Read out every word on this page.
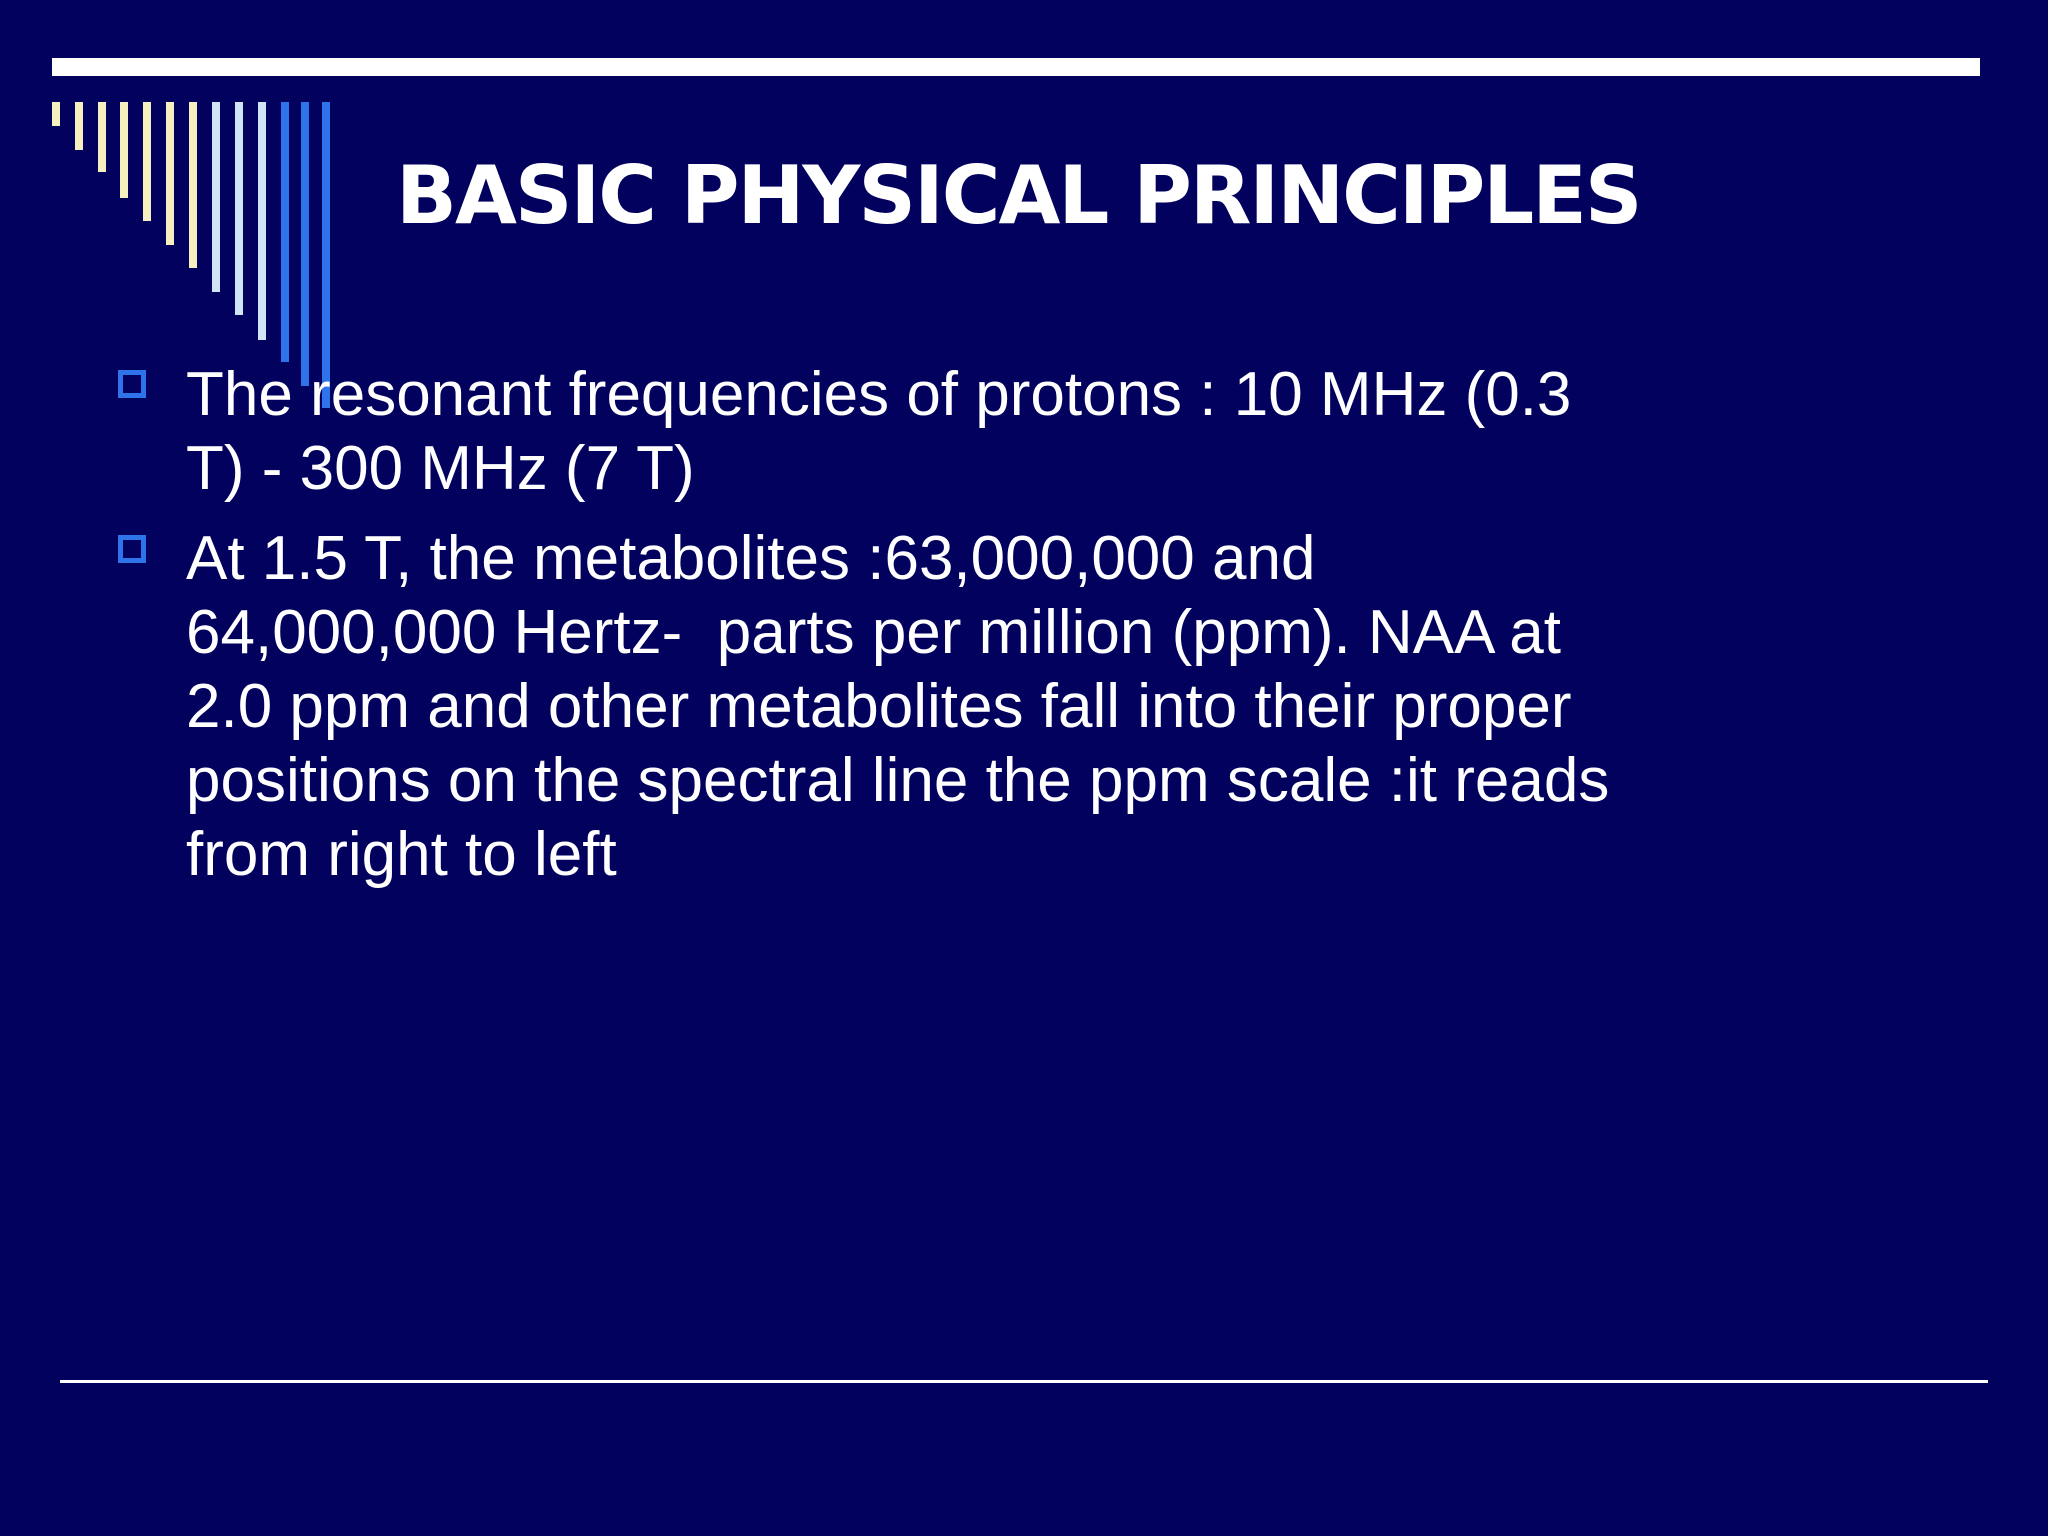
BASIC PHYSICAL PRINCIPLES

The resonant frequencies of protons : 10 MHz (0.3
T) - 300 MHz (7 T)

At 1.5 T, the metabolites :63,000,000 and
64,000,000 Hertz-  parts per million (ppm). NAA at
2.0 ppm and other metabolites fall into their proper
positions on the spectral line the ppm scale :it reads
from right to left
